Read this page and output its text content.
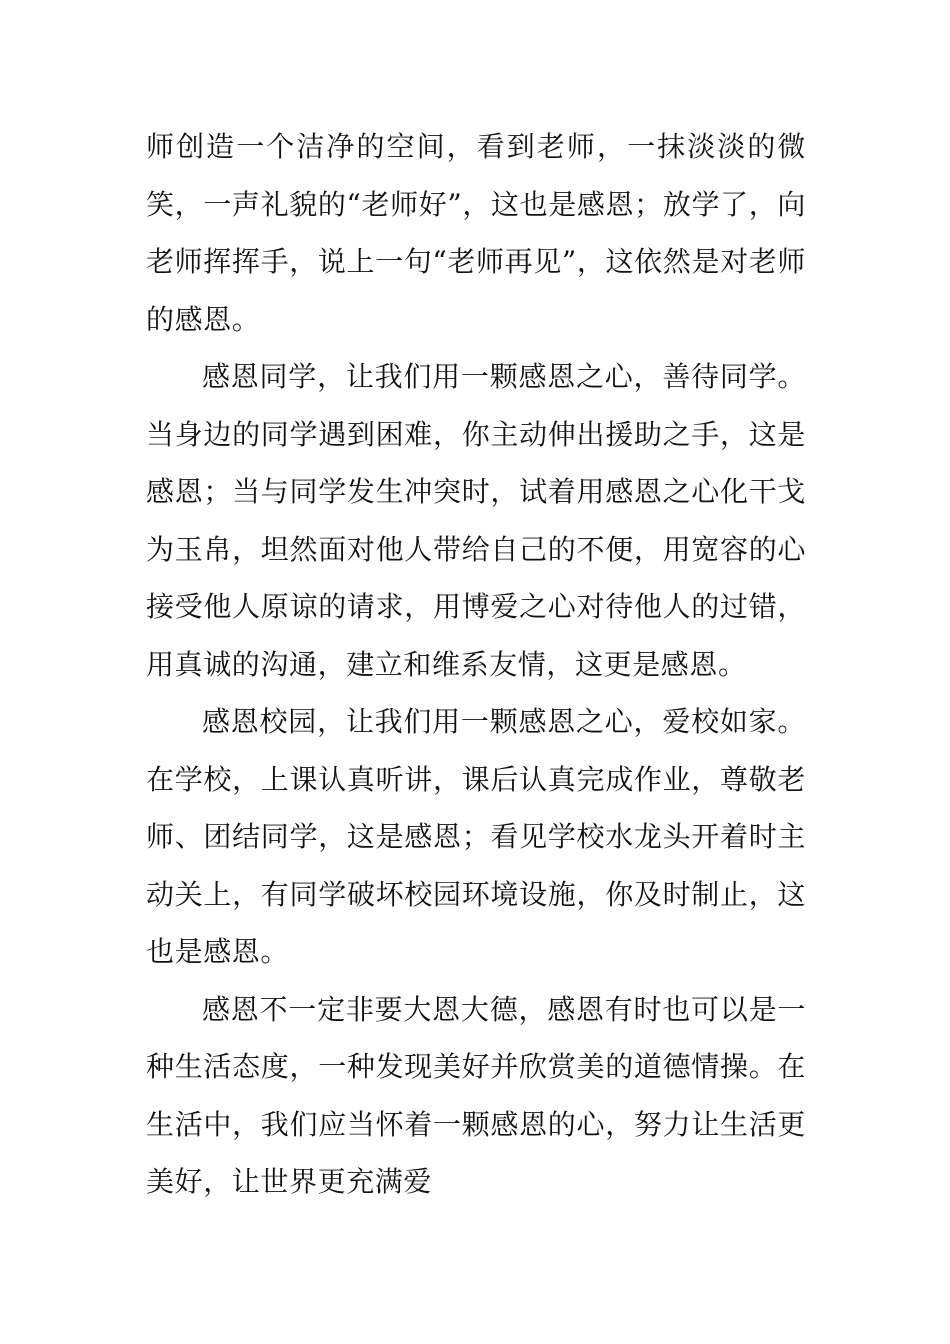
师创造一个洁净的空间，看到老师，一抹淡淡的微笑，一声礼貌的“老师好”，这也是感恩；放学了，向老师挥挥手，说上一句“老师再见”，这依然是对老师的感恩。

感恩同学，让我们用一颗感恩之心，善待同学。当身边的同学遇到困难，你主动伸出援助之手，这是感恩；当与同学发生冲突时，试着用感恩之心化干戈为玉帛，坦然面对他人带给自己的不便，用宽容的心接受他人原谅的请求，用博爱之心对待他人的过错，用真诚的沟通，建立和维系友情，这更是感恩。

感恩校园，让我们用一颗感恩之心，爱校如家。在学校，上课认真听讲，课后认真完成作业，尊敬老师、团结同学，这是感恩；看见学校水龙头开着时主动关上，有同学破坏校园环境设施，你及时制止，这也是感恩。

感恩不一定非要大恩大德，感恩有时也可以是一种生活态度，一种发现美好并欣赏美的道德情操。在生活中，我们应当怀着一颗感恩的心，努力让生活更美好，让世界更充满爱
